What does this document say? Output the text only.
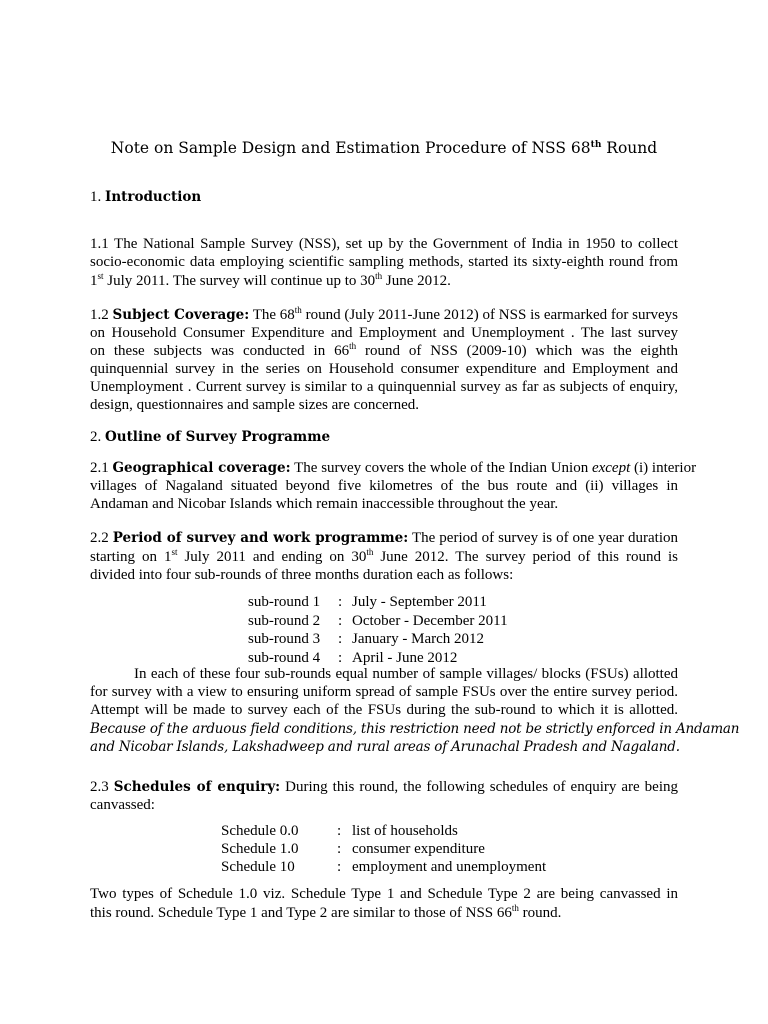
Note on Sample Design and Estimation Procedure of NSS 68th Round
1. Introduction
1.1 The National Sample Survey (NSS), set up by the Government of India in 1950 to collect
socio-economic data employing scientific sampling methods, started its sixty-eighth round from
1st July 2011. The survey will continue up to 30th June 2012.
1.2 Subject Coverage: The 68th round (July 2011-June 2012) of NSS is earmarked for surveys
on Household Consumer Expenditure and Employment and Unemployment . The last survey
on these subjects was conducted in 66th round of NSS (2009-10) which was the eighth
quinquennial survey in the series on Household consumer expenditure and Employment and
Unemployment . Current survey is similar to a quinquennial survey as far as subjects of enquiry,
design, questionnaires and sample sizes are concerned.
2. Outline of Survey Programme
2.1 Geographical coverage: The survey covers the whole of the Indian Union except (i) interior
villages of Nagaland situated beyond five kilometres of the bus route and (ii) villages in
Andaman and Nicobar Islands which remain inaccessible throughout the year.
2.2 Period of survey and work programme: The period of survey is of one year duration
starting on 1st July 2011 and ending on 30th June 2012. The survey period of this round is
divided into four sub-rounds of three months duration each as follows:
sub-round 1 : July - September 2011
sub-round 2 : October - December 2011
sub-round 3 : January - March 2012
sub-round 4 : April - June 2012
In each of these four sub-rounds equal number of sample villages/ blocks (FSUs) allotted
for survey with a view to ensuring uniform spread of sample FSUs over the entire survey period.
Attempt will be made to survey each of the FSUs during the sub-round to which it is allotted.
Because of the arduous field conditions, this restriction need not be strictly enforced in Andaman
and Nicobar Islands, Lakshadweep and rural areas of Arunachal Pradesh and Nagaland.
2.3 Schedules of enquiry: During this round, the following schedules of enquiry are being
canvassed:
Schedule 0.0	: list of households
Schedule 1.0	: consumer expenditure
Schedule 10	: employment and unemployment
Two types of Schedule 1.0 viz. Schedule Type 1 and Schedule Type 2 are being canvassed in
this round. Schedule Type 1 and Type 2 are similar to those of NSS 66th round.
